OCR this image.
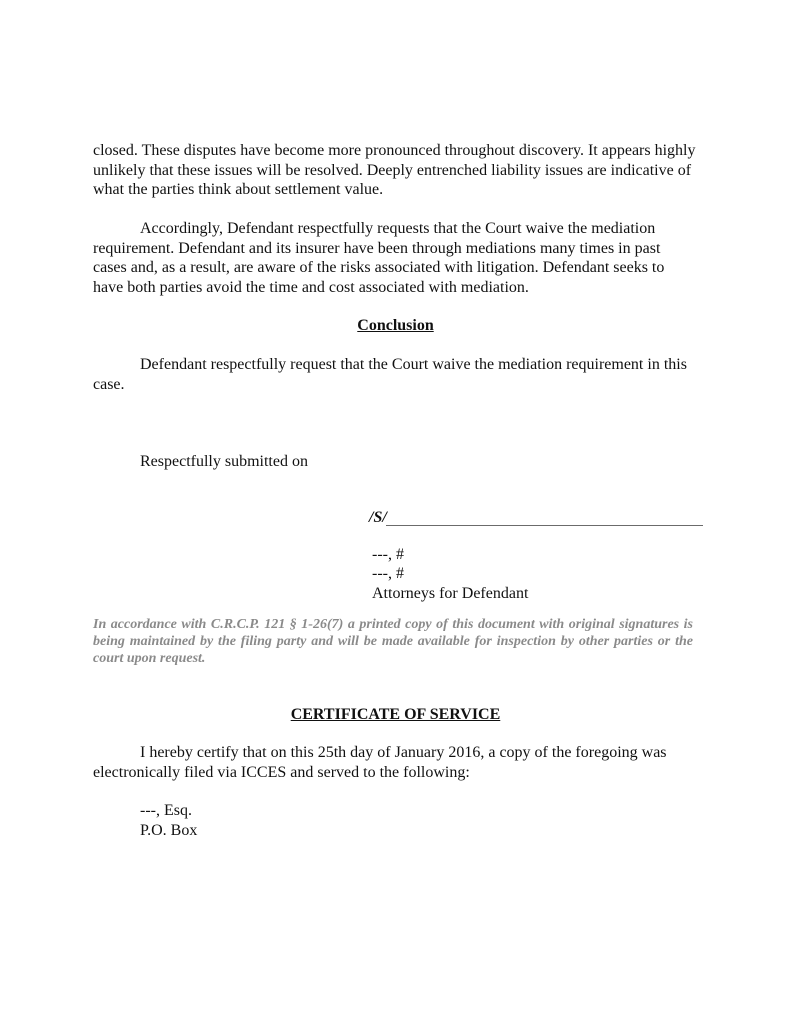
closed. These disputes have become more pronounced throughout discovery. It appears highly unlikely that these issues will be resolved. Deeply entrenched liability issues are indicative of what the parties think about settlement value.

Accordingly, Defendant respectfully requests that the Court waive the mediation requirement. Defendant and its insurer have been through mediations many times in past cases and, as a result, are aware of the risks associated with litigation. Defendant seeks to have both parties avoid the time and cost associated with mediation.

Conclusion

Defendant respectfully request that the Court waive the mediation requirement in this case.

Respectfully submitted on

/S/

---, #

---, #

Attorneys for Defendant

In accordance with C.R.C.P. 121 § 1-26(7) a printed copy of this document with original signatures is being maintained by the filing party and will be made available for inspection by other parties or the court upon request.

CERTIFICATE OF SERVICE

I hereby certify that on this 25th day of January 2016, a copy of the foregoing was electronically filed via ICCES and served to the following:

---, Esq.

P.O. Box
